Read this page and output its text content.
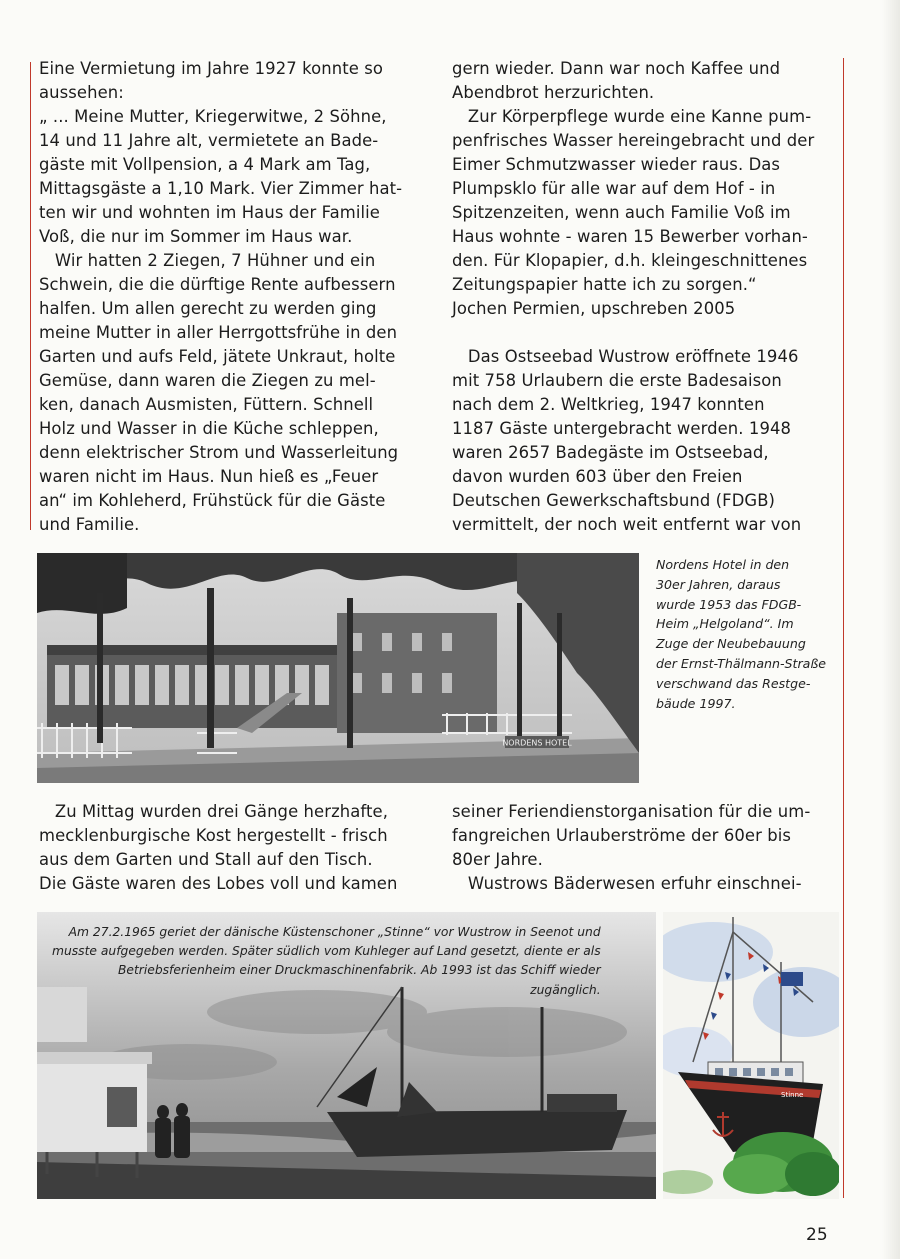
Eine Vermietung im Jahre 1927 konnte so
aussehen:
„ ... Meine Mutter, Kriegerwitwe, 2 Söhne,
14 und 11 Jahre alt, vermietete an Bade-
gäste mit Vollpension, a 4 Mark am Tag,
Mittagsgäste a 1,10 Mark. Vier Zimmer hat-
ten wir und wohnten im Haus der Familie
Voß, die nur im Sommer im Haus war.
Wir hatten 2 Ziegen, 7 Hühner und ein
Schwein, die die dürftige Rente aufbessern
halfen. Um allen gerecht zu werden ging
meine Mutter in aller Herrgottsfrühe in den
Garten und aufs Feld, jätete Unkraut, holte
Gemüse, dann waren die Ziegen zu mel-
ken, danach Ausmisten, Füttern. Schnell
Holz und Wasser in die Küche schleppen,
denn elektrischer Strom und Wasserleitung
waren nicht im Haus. Nun hieß es „Feuer
an“ im Kohleherd, Frühstück für die Gäste
und Familie.
gern wieder. Dann war noch Kaffee und
Abendbrot herzurichten.
Zur Körperpflege wurde eine Kanne pum-
penfrisches Wasser hereingebracht und der
Eimer Schmutzwasser wieder raus. Das
Plumpsklo für alle war auf dem Hof - in
Spitzenzeiten, wenn auch Familie Voß im
Haus wohnte - waren 15 Bewerber vorhan-
den. Für Klopapier, d.h. kleingeschnittenes
Zeitungspapier hatte ich zu sorgen.“
Jochen Permien, upschreben 2005

Das Ostseebad Wustrow eröffnete 1946
mit 758 Urlaubern die erste Badesaison
nach dem 2. Weltkrieg, 1947 konnten
1187 Gäste untergebracht werden. 1948
waren 2657 Badegäste im Ostseebad,
davon wurden 603 über den Freien
Deutschen Gewerkschaftsbund (FDGB)
vermittelt, der noch weit entfernt war von
NORDENS HOTEL
Nordens Hotel in den
30er Jahren, daraus
wurde 1953 das FDGB-
Heim „Helgoland“. Im
Zuge der Neubebauung
der Ernst-Thälmann-Straße
verschwand das Restge-
bäude 1997.
Zu Mittag wurden drei Gänge herzhafte,
mecklenburgische Kost hergestellt - frisch
aus dem Garten und Stall auf den Tisch.
Die Gäste waren des Lobes voll und kamen
seiner Feriendienstorganisation für die um-
fangreichen Urlauberströme der 60er bis
80er Jahre.
Wustrows Bäderwesen erfuhr einschnei-
Am 27.2.1965 geriet der dänische Küstenschoner „Stinne“ vor Wustrow in Seenot und
musste aufgegeben werden. Später südlich vom Kuhleger auf Land gesetzt, diente er als
Betriebsferienheim einer Druckmaschinenfabrik. Ab 1993 ist das Schiff wieder
zugänglich.
Stinne
25
